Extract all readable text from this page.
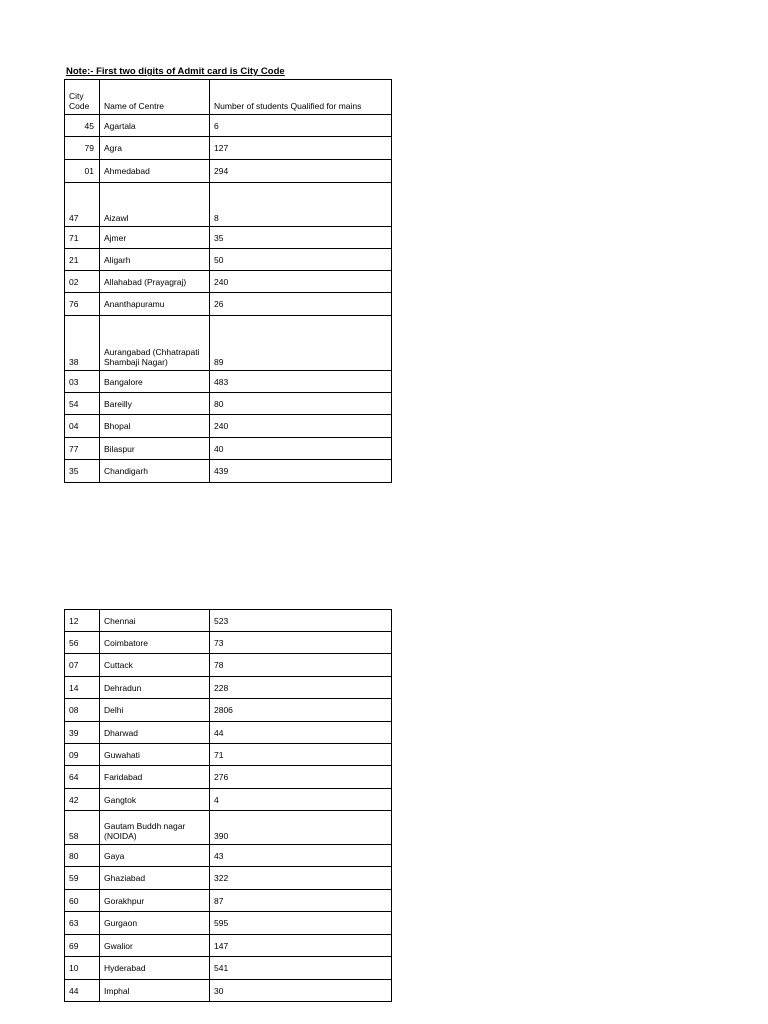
Note:- First two digits of Admit card is City Code
City Code	Name of Centre	Number of students Qualified for mains
45	Agartala	6
79	Agra	127
01	Ahmedabad	294
47	Aizawl	8
71	Ajmer	35
21	Aligarh	50
02	Allahabad (Prayagraj)	240
76	Ananthapuramu	26
38	Aurangabad (Chhatrapati Shambaji Nagar)	89
03	Bangalore	483
54	Bareilly	80
04	Bhopal	240
77	Bilaspur	40
35	Chandigarh	439
12	Chennai	523
56	Coimbatore	73
07	Cuttack	78
14	Dehradun	228
08	Delhi	2806
39	Dharwad	44
09	Guwahati	71
64	Faridabad	276
42	Gangtok	4
58	Gautam Buddh nagar (NOIDA)	390
80	Gaya	43
59	Ghaziabad	322
60	Gorakhpur	87
63	Gurgaon	595
69	Gwalior	147
10	Hyderabad	541
44	Imphal	30
